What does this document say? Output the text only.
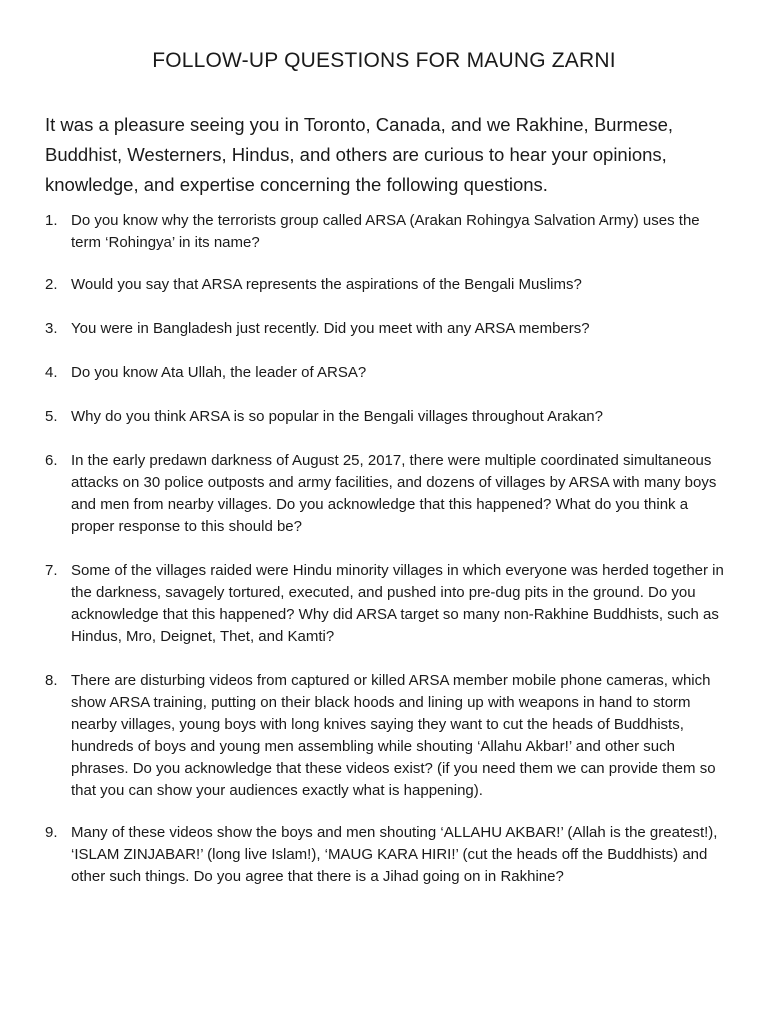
FOLLOW-UP QUESTIONS FOR MAUNG ZARNI

It was a pleasure seeing you in Toronto, Canada, and we Rakhine, Burmese, Buddhist, Westerners, Hindus, and others are curious to hear your opinions, knowledge, and expertise concerning the following questions.

1. Do you know why the terrorists group called ARSA (Arakan Rohingya Salvation Army) uses the term ‘Rohingya’ in its name?
2. Would you say that ARSA represents the aspirations of the Bengali Muslims?
3. You were in Bangladesh just recently. Did you meet with any ARSA members?
4. Do you know Ata Ullah, the leader of ARSA?
5. Why do you think ARSA is so popular in the Bengali villages throughout Arakan?
6. In the early predawn darkness of August 25, 2017, there were multiple coordinated simultaneous attacks on 30 police outposts and army facilities, and dozens of villages by ARSA with many boys and men from nearby villages. Do you acknowledge that this happened? What do you think a proper response to this should be?
7. Some of the villages raided were Hindu minority villages in which everyone was herded together in the darkness, savagely tortured, executed, and pushed into pre-dug pits in the ground. Do you acknowledge that this happened? Why did ARSA target so many non-Rakhine Buddhists, such as Hindus, Mro, Deignet, Thet, and Kamti?
8. There are disturbing videos from captured or killed ARSA member mobile phone cameras, which show ARSA training, putting on their black hoods and lining up with weapons in hand to storm nearby villages, young boys with long knives saying they want to cut the heads of Buddhists, hundreds of boys and young men assembling while shouting ‘Allahu Akbar!’ and other such phrases. Do you acknowledge that these videos exist? (if you need them we can provide them so that you can show your audiences exactly what is happening).
9. Many of these videos show the boys and men shouting ‘ALLAHU AKBAR!’ (Allah is the greatest!), ‘ISLAM ZINJABAR!’ (long live Islam!), ‘MAUG KARA HIRI!’ (cut the heads off the Buddhists) and other such things. Do you agree that there is a Jihad going on in Rakhine?
